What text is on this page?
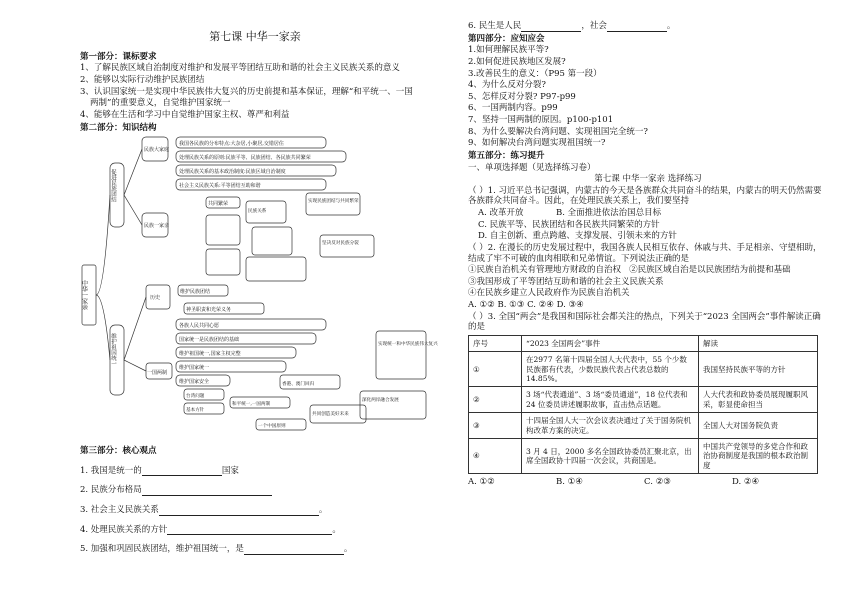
第七课 中华一家亲
第一部分：课标要求
1、了解民族区域自治制度对维护和发展平等团结互助和谐的社会主义民族关系的意义
2、能够以实际行动维护民族团结
3、认识国家统一是实现中华民族伟大复兴的历史前提和基本保证，理解“和平统一、一国
两制”的重要意义，自觉维护国家统一
4、能够在生活和学习中自觉维护国家主权、尊严和利益
第二部分：知识结构
中华一家亲
促进民族团结
维护祖国统一
民族大家庭
民族一家亲
历史
一国两制
我国各民族的分布特点:大杂居,小聚居,交错居住
处理民族关系的原则:民族平等、民族团结、各民族共同繁荣
处理民族关系的基本政治制度:民族区域自治制度
社会主义民族关系:平等团结互助和谐
共同繁荣
维护民族团结
神圣职责和光荣义务
各族人民共同心愿
国家统一是民族团结的基础
维护祖国统一,国家主权完整
维护国家统一
维护国家安全
实现民族团结与共同繁荣
民族关系
坚决反对民族分裂
香港、澳门回归
台湾问题
基本方针
和平统一,一国两制
一个中国原则
共同创造美好未来
深化两岸融合发展
实现统一和中华民族伟大复兴
第三部分：核心观点
1. 我国是统一的	国家
2. 民族分布格局
3. 社会主义民族关系	。
4. 处理民族关系的方针	。
5. 加强和巩固民族团结，维护祖国统一，是	。
6. 民生是人民	，社会	。
第四部分：应知应会
1.如何理解民族平等?
2.如何促进民族地区发展?
3.改善民生的意义：（P95 第一段）
4、为什么反对分裂?
5、怎样反对分裂? P97-p99
6、一国两制内容。p99
7、坚持一国两制的原因。p100-p101
8、为什么要解决台湾问题、实现祖国完全统一?
9、如何解决台湾问题实现祖国统一?
第五部分：练习提升
一、单项选择题（见选择练习卷）
第七课 中华一家亲 选择练习
（ ）1. 习近平总书记强调，内蒙古的今天是各族群众共同奋斗的结果，内蒙古的明天仍然需要各族群众共同奋斗。因此，在处理民族关系上，我们要坚持
A. 改革开放	B. 全面推进依法治国总目标
C. 民族平等、民族团结和各民族共同繁荣的方针
D. 自主创新、重点跨越、支撑发展、引领未来的方针
（ ）2. 在漫长的历史发展过程中，我国各族人民相互依存、休戚与共、手足相亲、守望相助，结成了牢不可破的血肉相联和兄弟情谊。下列说法正确的是
①民族自治机关有管理地方财政的自治权 ②民族区域自治是以民族团结为前提和基础
③我国形成了平等团结互助和谐的社会主义民族关系
④在民族乡建立人民政府作为民族自治机关
A. ①② B. ①③ C. ②④ D. ③④
（ ）3. 全国“两会”是我国和国际社会都关注的热点，下列关于“2023 全国两会”事件解读正确的是
序号	“2023 全国两会”事件	解读
①	在2977 名第十四届全国人大代表中，55 个少数民族都有代表，少数民族代表占代表总数的 14.85%。	我国坚持民族平等的方针
②	3 场“代表通道”、3 场“委员通道”，18 位代表和 24 位委员讲述履职故事，直击热点话题。	人大代表和政协委员展现履职风采，彰显使命担当
③	十四届全国人大一次会议表决通过了关于国务院机构改革方案的决定。	全国人大对国务院负责
④	3 月 4 日，2000 多名全国政协委员汇聚北京，出席全国政协十四届一次会议，共商国是。	中国共产党领导的多党合作和政治协商制度是我国的根本政治制度
A. ①②	B. ①④	C. ②③	D. ②④
